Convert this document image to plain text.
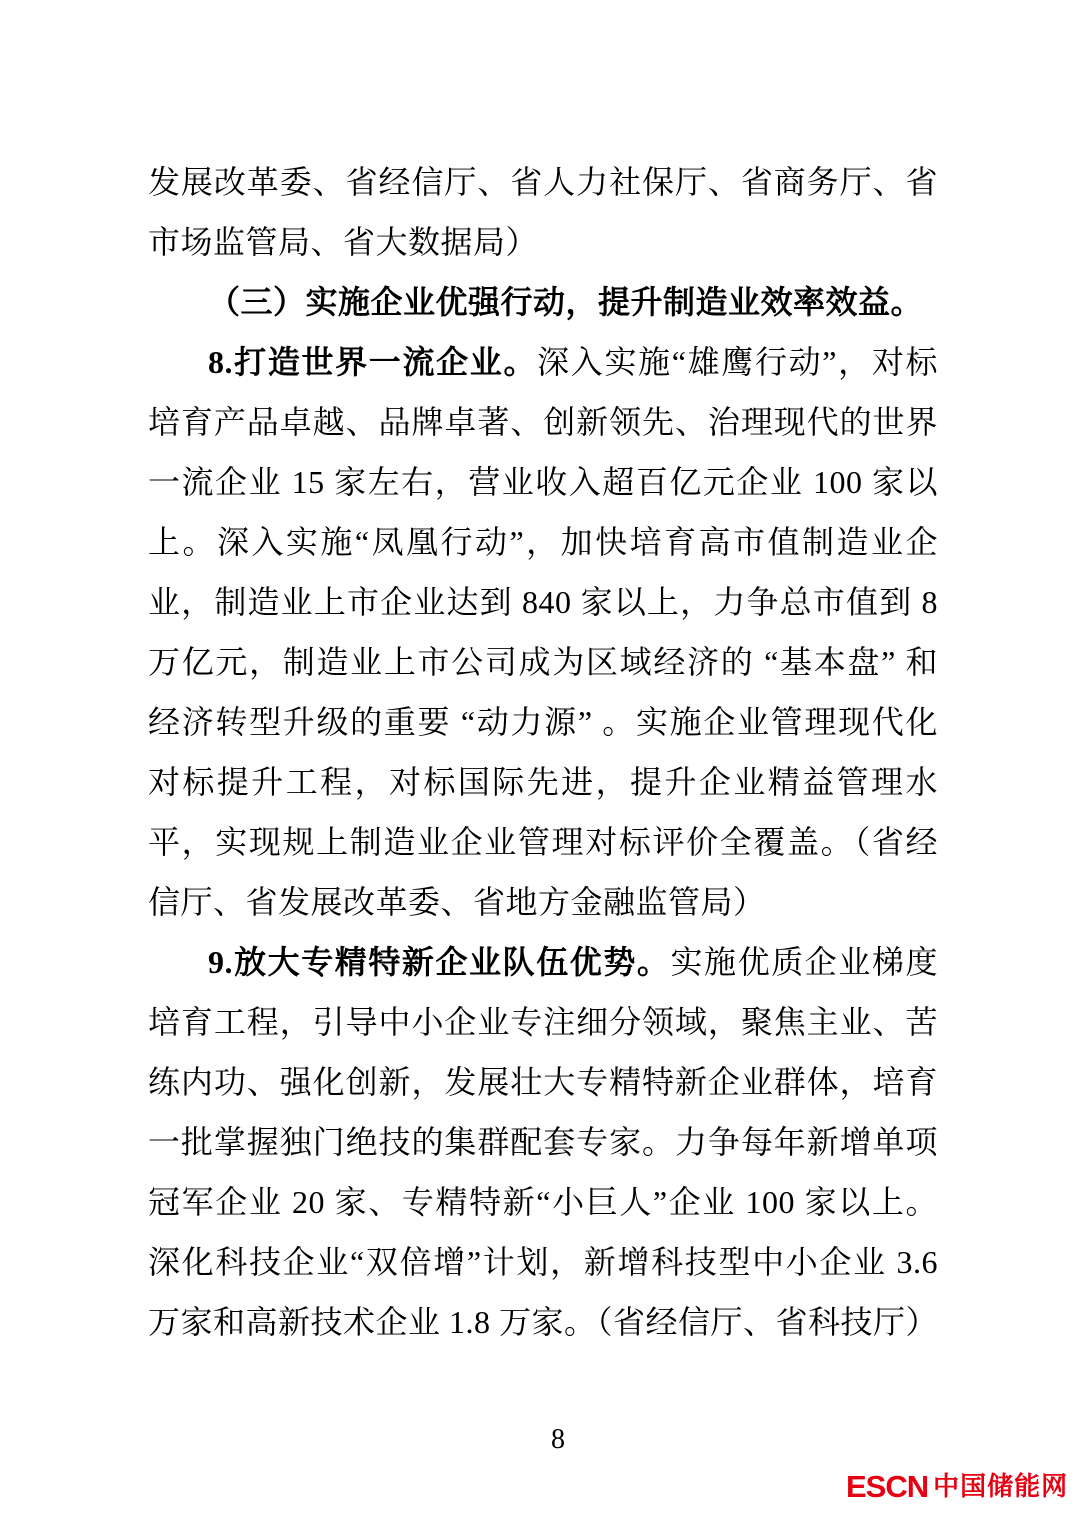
发展改革委、省经信厅、省人力社保厅、省商务厅、省市场监管局、省大数据局）

（三）实施企业优强行动，提升制造业效率效益。

8.打造世界一流企业。深入实施“雄鹰行动”，对标培育产品卓越、品牌卓著、创新领先、治理现代的世界一流企业 15 家左右，营业收入超百亿元企业 100 家以上。深入实施“凤凰行动”，加快培育高市值制造业企业，制造业上市企业达到 840 家以上，力争总市值到 8 万亿元，制造业上市公司成为区域经济的 “基本盘” 和经济转型升级的重要 “动力源” 。实施企业管理现代化对标提升工程，对标国际先进，提升企业精益管理水平，实现规上制造业企业管理对标评价全覆盖。（省经信厅、省发展改革委、省地方金融监管局）

9.放大专精特新企业队伍优势。实施优质企业梯度培育工程，引导中小企业专注细分领域，聚焦主业、苦练内功、强化创新，发展壮大专精特新企业群体，培育一批掌握独门绝技的集群配套专家。力争每年新增单项冠军企业 20 家、专精特新“小巨人”企业 100 家以上。深化科技企业“双倍增”计划，新增科技型中小企业 3.6 万家和高新技术企业 1.8 万家。（省经信厅、省科技厅）

8
ESCN 中国储能网
